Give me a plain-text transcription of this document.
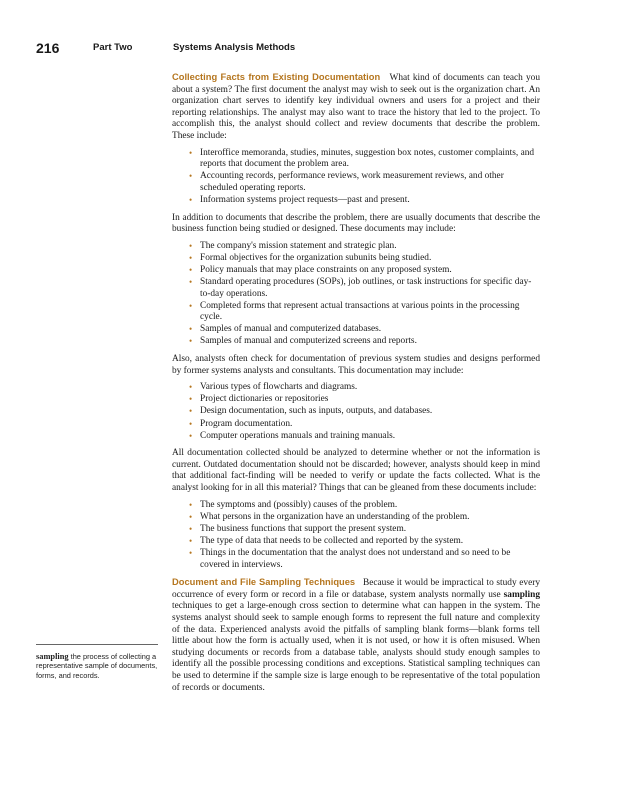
216	Part Two	Systems Analysis Methods

Collecting Facts from Existing Documentation What kind of documents can teach you about a system? The first document the analyst may wish to seek out is the organization chart. An organization chart serves to identify key individual owners and users for a project and their reporting relationships. The analyst may also want to trace the history that led to the project. To accomplish this, the analyst should collect and review documents that describe the problem. These include:

• Interoffice memoranda, studies, minutes, suggestion box notes, customer complaints, and reports that document the problem area.
• Accounting records, performance reviews, work measurement reviews, and other scheduled operating reports.
• Information systems project requests—past and present.

In addition to documents that describe the problem, there are usually documents that describe the business function being studied or designed. These documents may include:

• The company's mission statement and strategic plan.
• Formal objectives for the organization subunits being studied.
• Policy manuals that may place constraints on any proposed system.
• Standard operating procedures (SOPs), job outlines, or task instructions for specific day-to-day operations.
• Completed forms that represent actual transactions at various points in the processing cycle.
• Samples of manual and computerized databases.
• Samples of manual and computerized screens and reports.

Also, analysts often check for documentation of previous system studies and designs performed by former systems analysts and consultants. This documentation may include:

• Various types of flowcharts and diagrams.
• Project dictionaries or repositories
• Design documentation, such as inputs, outputs, and databases.
• Program documentation.
• Computer operations manuals and training manuals.

All documentation collected should be analyzed to determine whether or not the information is current. Outdated documentation should not be discarded; however, analysts should keep in mind that additional fact-finding will be needed to verify or update the facts collected. What is the analyst looking for in all this material? Things that can be gleaned from these documents include:

• The symptoms and (possibly) causes of the problem.
• What persons in the organization have an understanding of the problem.
• The business functions that support the present system.
• The type of data that needs to be collected and reported by the system.
• Things in the documentation that the analyst does not understand and so need to be covered in interviews.

Document and File Sampling Techniques Because it would be impractical to study every occurrence of every form or record in a file or database, system analysts normally use sampling techniques to get a large-enough cross section to determine what can happen in the system. The systems analyst should seek to sample enough forms to represent the full nature and complexity of the data. Experienced analysts avoid the pitfalls of sampling blank forms—blank forms tell little about how the form is actually used, when it is not used, or how it is often misused. When studying documents or records from a database table, analysts should study enough samples to identify all the possible processing conditions and exceptions. Statistical sampling techniques can be used to determine if the sample size is large enough to be representative of the total population of records or documents.

sampling the process of collecting a representative sample of documents, forms, and records.
